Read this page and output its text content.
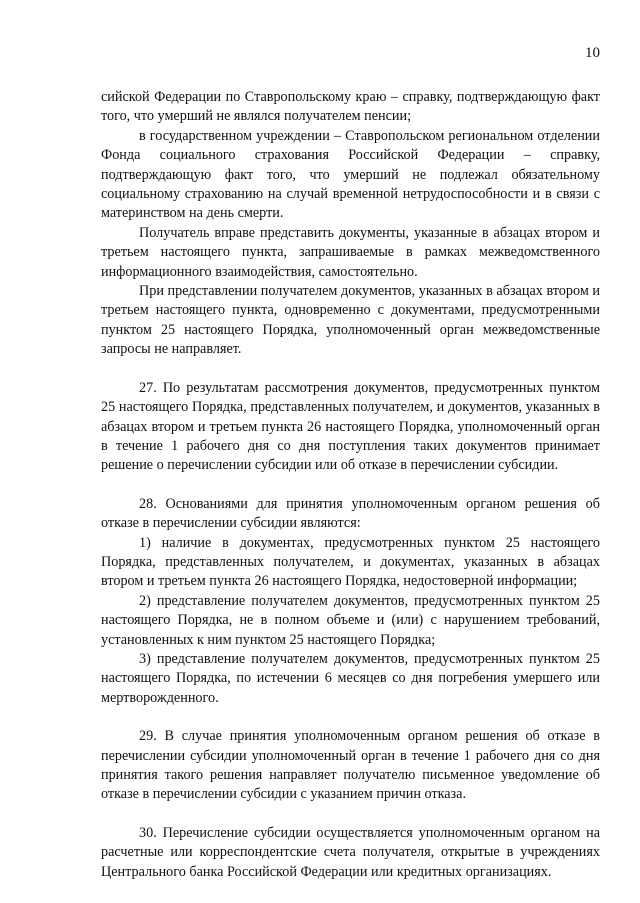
10

сийской Федерации по Ставропольскому краю – справку, подтверждающую факт того, что умерший не являлся получателем пенсии;

в государственном учреждении – Ставропольском региональном отделении Фонда социального страхования Российской Федерации – справку, подтверждающую факт того, что умерший не подлежал обязательному социальному страхованию на случай временной нетрудоспособности и в связи с материнством на день смерти.

Получатель вправе представить документы, указанные в абзацах втором и третьем настоящего пункта, запрашиваемые в рамках межведомственного информационного взаимодействия, самостоятельно.

При представлении получателем документов, указанных в абзацах втором и третьем настоящего пункта, одновременно с документами, предусмотренными пунктом 25 настоящего Порядка, уполномоченный орган межведомственные запросы не направляет.

27. По результатам рассмотрения документов, предусмотренных пунктом 25 настоящего Порядка, представленных получателем, и документов, указанных в абзацах втором и третьем пункта 26 настоящего Порядка, уполномоченный орган в течение 1 рабочего дня со дня поступления таких документов принимает решение о перечислении субсидии или об отказе в перечислении субсидии.

28. Основаниями для принятия уполномоченным органом решения об отказе в перечислении субсидии являются:

1) наличие в документах, предусмотренных пунктом 25 настоящего Порядка, представленных получателем, и документах, указанных в абзацах втором и третьем пункта 26 настоящего Порядка, недостоверной информации;

2) представление получателем документов, предусмотренных пунктом 25 настоящего Порядка, не в полном объеме и (или) с нарушением требований, установленных к ним пунктом 25 настоящего Порядка;

3) представление получателем документов, предусмотренных пунктом 25 настоящего Порядка, по истечении 6 месяцев со дня погребения умершего или мертворожденного.

29. В случае принятия уполномоченным органом решения об отказе в перечислении субсидии уполномоченный орган в течение 1 рабочего дня со дня принятия такого решения направляет получателю письменное уведомление об отказе в перечислении субсидии с указанием причин отказа.

30. Перечисление субсидии осуществляется уполномоченным органом на расчетные или корреспондентские счета получателя, открытые в учреждениях Центрального банка Российской Федерации или кредитных организациях.
